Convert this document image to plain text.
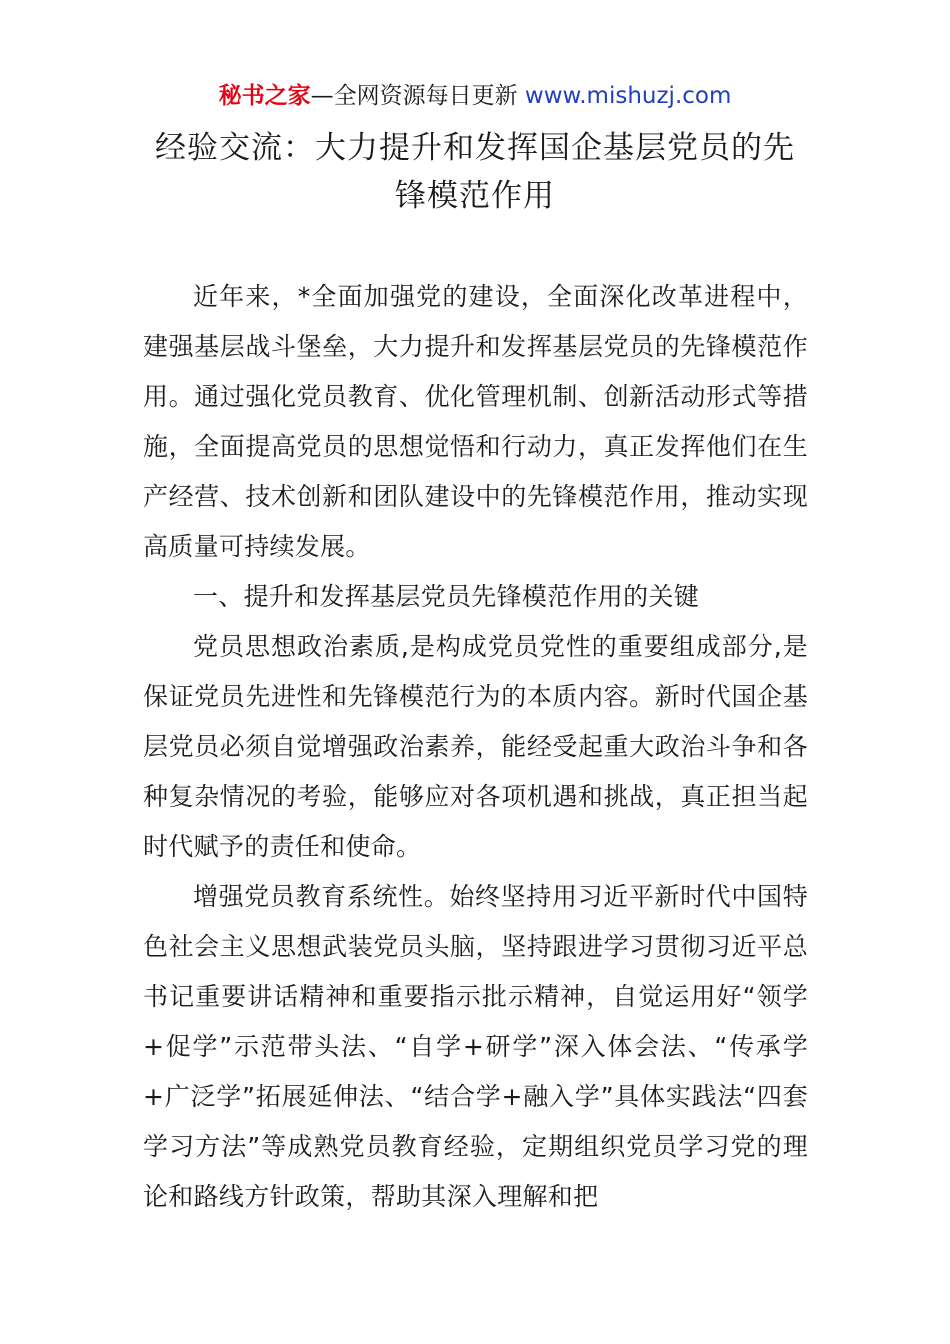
秘书之家—全网资源每日更新 www.mishuzj.com
经验交流：大力提升和发挥国企基层党员的先锋模范作用

近年来，*全面加强党的建设，全面深化改革进程中，建强基层战斗堡垒，大力提升和发挥基层党员的先锋模范作用。通过强化党员教育、优化管理机制、创新活动形式等措施，全面提高党员的思想觉悟和行动力，真正发挥他们在生产经营、技术创新和团队建设中的先锋模范作用，推动实现高质量可持续发展。

一、提升和发挥基层党员先锋模范作用的关键

党员思想政治素质,是构成党员党性的重要组成部分,是保证党员先进性和先锋模范行为的本质内容。新时代国企基层党员必须自觉增强政治素养，能经受起重大政治斗争和各种复杂情况的考验，能够应对各项机遇和挑战，真正担当起时代赋予的责任和使命。

增强党员教育系统性。始终坚持用习近平新时代中国特色社会主义思想武装党员头脑，坚持跟进学习贯彻习近平总书记重要讲话精神和重要指示批示精神，自觉运用好“领学+促学”示范带头法、“自学+研学”深入体会法、“传承学+广泛学”拓展延伸法、“结合学+融入学”具体实践法“四套学习方法”等成熟党员教育经验，定期组织党员学习党的理论和路线方针政策，帮助其深入理解和把
